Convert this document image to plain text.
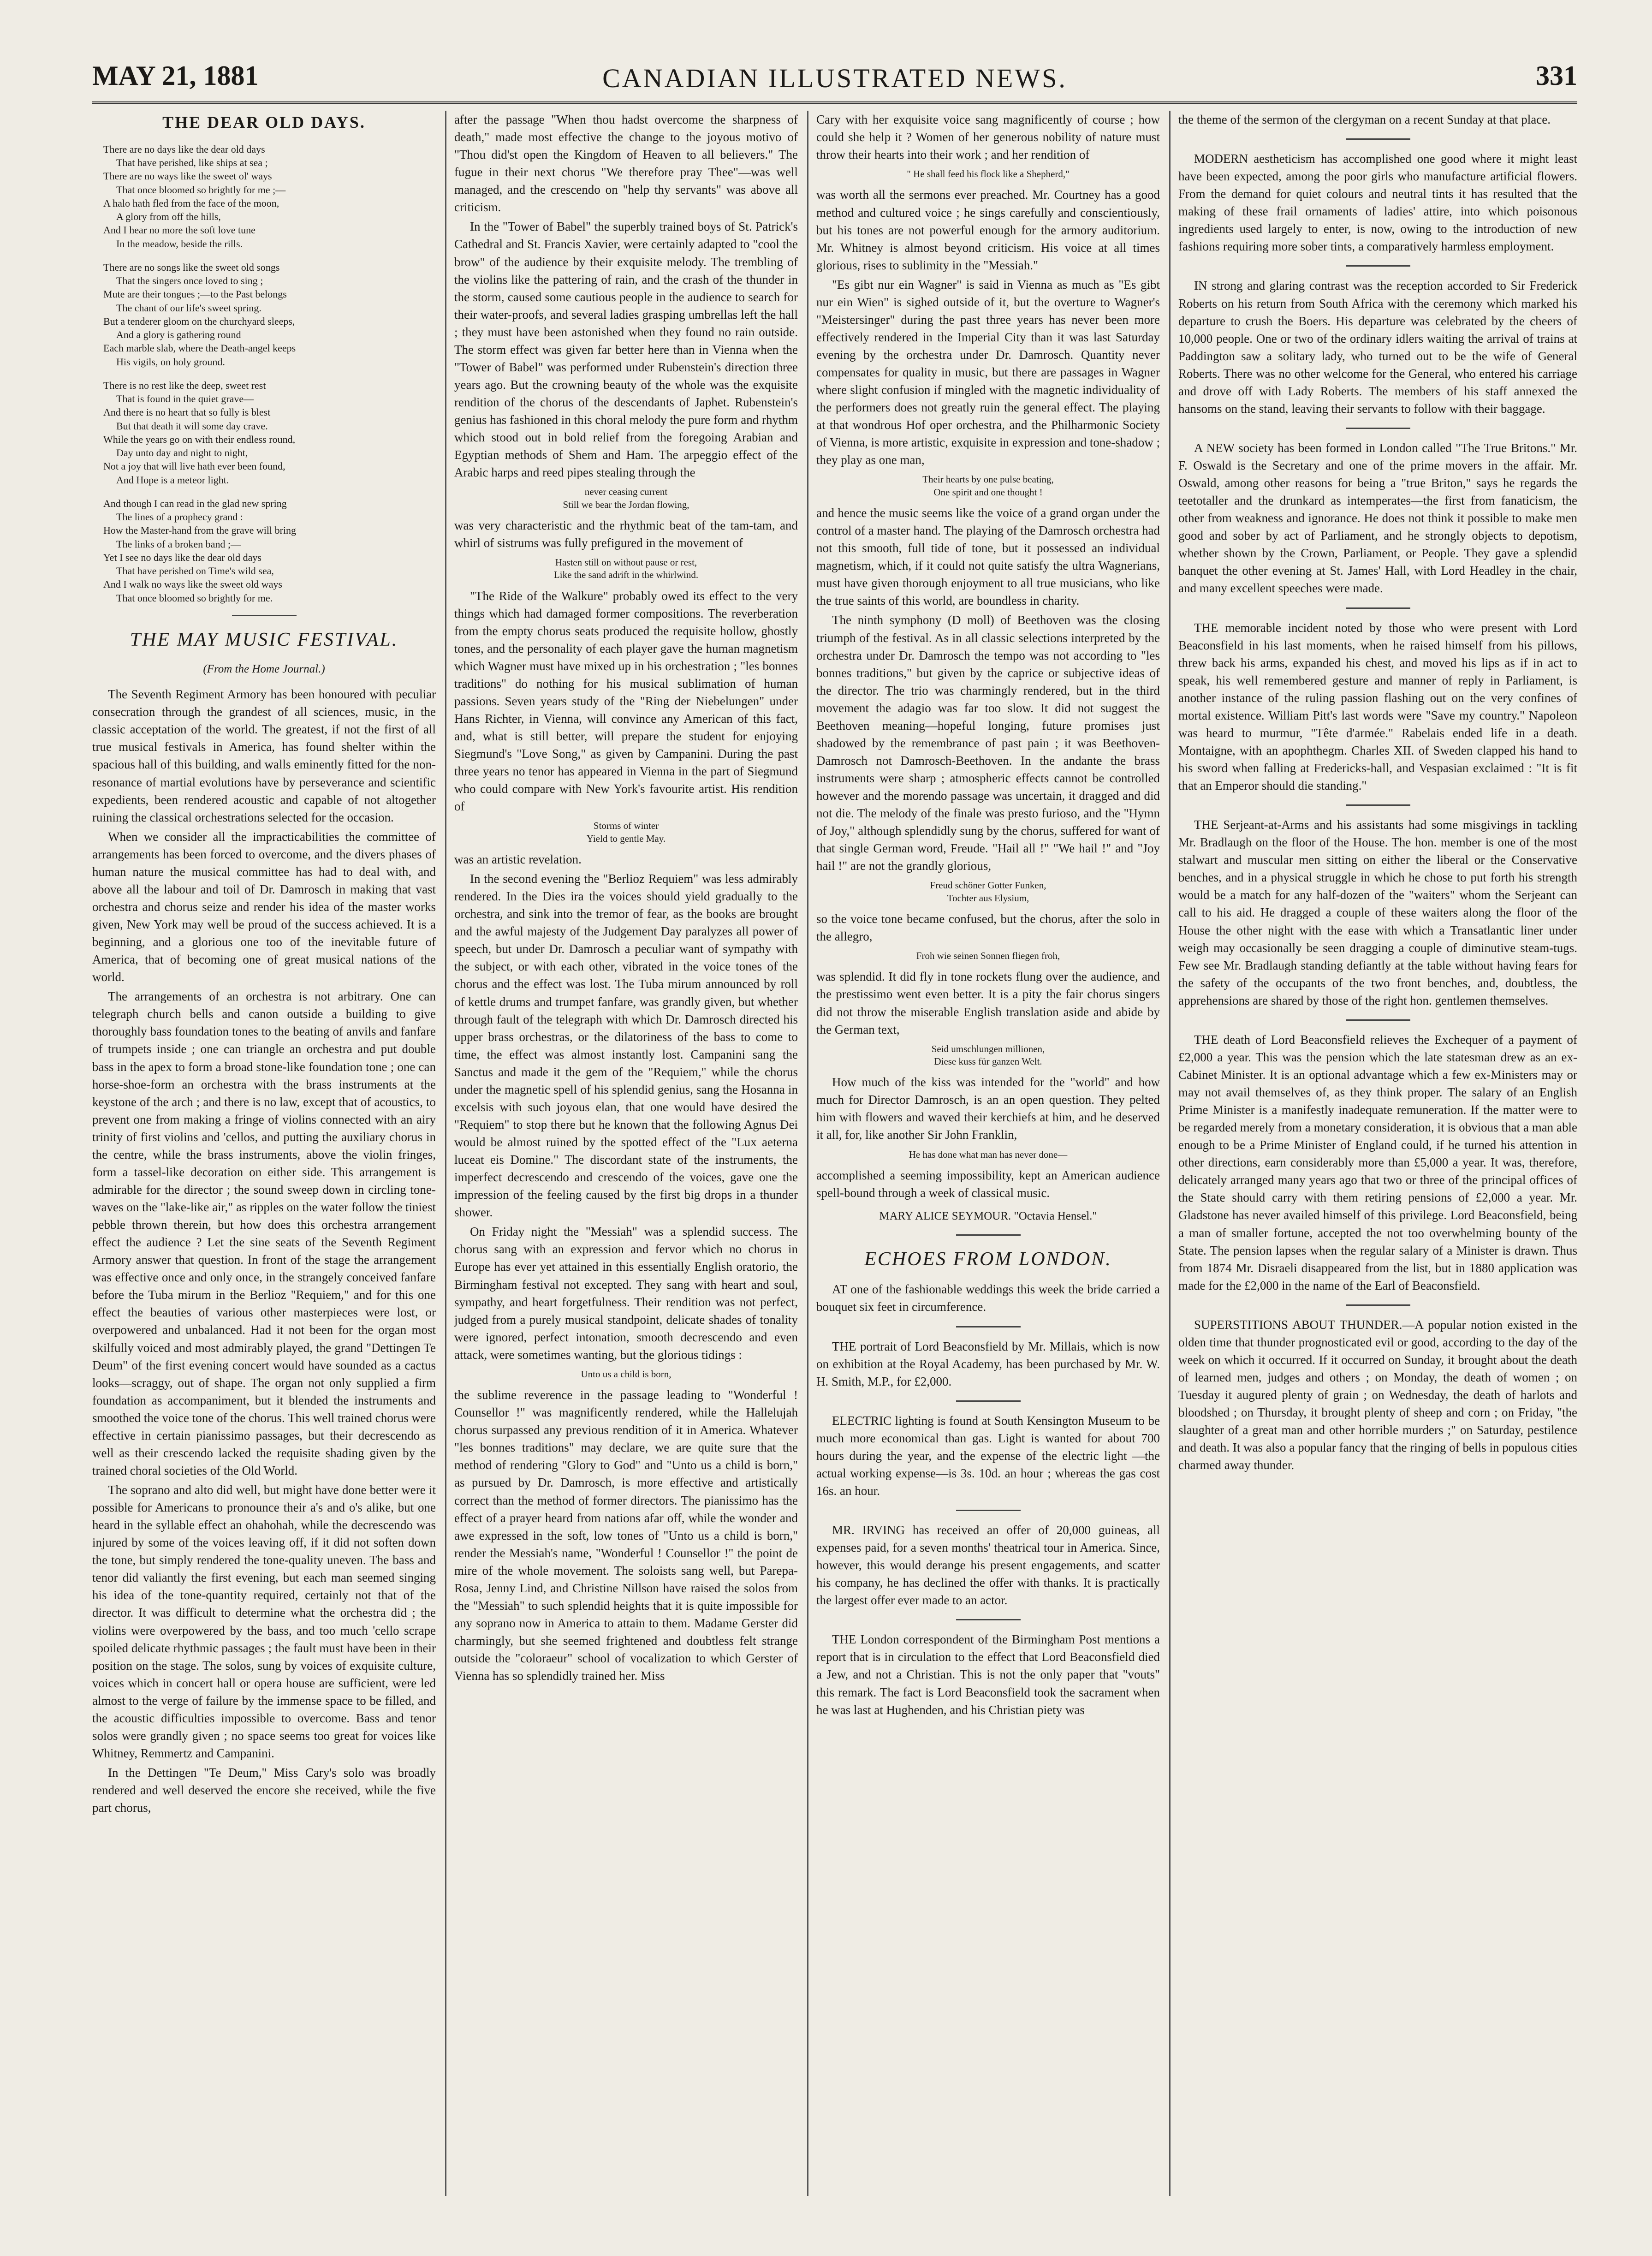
MAY 21, 1881	CANADIAN ILLUSTRATED NEWS.	331
THE DEAR OLD DAYS.
There are no days like the dear old days
That have perished, like ships at sea ;
There are no ways like the sweet ol' ways
That once bloomed so brightly for me ;—
A halo hath fled from the face of the moon,
A glory from off the hills,
And I hear no more the soft love tune
In the meadow, beside the rills.
There are no songs like the sweet old songs
That the singers once loved to sing ;
Mute are their tongues ;—to the Past belongs
The chant of our life's sweet spring.
But a tenderer gloom on the churchyard sleeps,
And a glory is gathering round
Each marble slab, where the Death-angel keeps
His vigils, on holy ground.
There is no rest like the deep, sweet rest
That is found in the quiet grave—
And there is no heart that so fully is blest
But that death it will some day crave.
While the years go on with their endless round,
Day unto day and night to night,
Not a joy that will live hath ever been found,
And Hope is a meteor light.
And though I can read in the glad new spring
The lines of a prophecy grand :
How the Master-hand from the grave will bring
The links of a broken band ;—
Yet I see no days like the dear old days
That have perished on Time's wild sea,
And I walk no ways like the sweet old ways
That once bloomed so brightly for me.
THE MAY MUSIC FESTIVAL.
(From the Home Journal.)

The Seventh Regiment Armory has been honoured with peculiar consecration through the grandest of all sciences, music, in the classic acceptation of the world. The greatest, if not the first of all true musical festivals in America, has found shelter within the spacious hall of this building, and walls eminently fitted for the non-resonance of martial evolutions have by perseverance and scientific expedients, been rendered acoustic and capable of not altogether ruining the classical orchestrations selected for the occasion.

When we consider all the impracticabilities the committee of arrangements has been forced to overcome, and the divers phases of human nature the musical committee has had to deal with, and above all the labour and toil of Dr. Damrosch in making that vast orchestra and chorus seize and render his idea of the master works given, New York may well be proud of the success achieved. It is a beginning, and a glorious one too of the inevitable future of America, that of becoming one of great musical nations of the world.

The arrangements of an orchestra is not arbitrary. One can telegraph church bells and canon outside a building to give thoroughly bass foundation tones to the beating of anvils and fanfare of trumpets inside ; one can triangle an orchestra and put double bass in the apex to form a broad stone-like foundation tone ; one can horse-shoe-form an orchestra with the brass instruments at the keystone of the arch ; and there is no law, except that of acoustics, to prevent one from making a fringe of violins connected with an airy trinity of first violins and 'cellos, and putting the auxiliary chorus in the centre, while the brass instruments, above the violin fringes, form a tassel-like decoration on either side. This arrangement is admirable for the director ; the sound sweep down in circling tone-waves on the "lake-like air," as ripples on the water follow the tiniest pebble thrown therein, but how does this orchestra arrangement effect the audience ? Let the sine seats of the Seventh Regiment Armory answer that question. In front of the stage the arrangement was effective once and only once, in the strangely conceived fanfare before the Tuba mirum in the Berlioz "Requiem," and for this one effect the beauties of various other masterpieces were lost, or overpowered and unbalanced. Had it not been for the organ most skilfully voiced and most admirably played, the grand "Dettingen Te Deum" of the first evening concert would have sounded as a cactus looks—scraggy, out of shape. The organ not only supplied a firm foundation as accompaniment, but it blended the instruments and smoothed the voice tone of the chorus. This well trained chorus were effective in certain pianissimo passages, but their decrescendo as well as their crescendo lacked the requisite shading given by the trained choral societies of the Old World.

The soprano and alto did well, but might have done better were it possible for Americans to pronounce their a's and o's alike, but one heard in the syllable effect an ohahohah, while the decrescendo was injured by some of the voices leaving off, if it did not soften down the tone, but simply rendered the tone-quality uneven. The bass and tenor did valiantly the first evening, but each man seemed singing his idea of the tone-quantity required, certainly not that of the director. It was difficult to determine what the orchestra did ; the violins were overpowered by the bass, and too much 'cello scrape spoiled delicate rhythmic passages ; the fault must have been in their position on the stage. The solos, sung by voices of exquisite culture, voices which in concert hall or opera house are sufficient, were led almost to the verge of failure by the immense space to be filled, and the acoustic difficulties impossible to overcome. Bass and tenor solos were grandly given ; no space seems too great for voices like Whitney, Remmertz and Campanini.

In the Dettingen "Te Deum," Miss Cary's solo was broadly rendered and well deserved the encore she received, while the five part chorus,

after the passage "When thou hadst overcome the sharpness of death," made most effective the change to the joyous motivo of "Thou did'st open the Kingdom of Heaven to all believers." The fugue in their next chorus "We therefore pray Thee"—was well managed, and the crescendo on "help thy servants" was above all criticism.

In the "Tower of Babel" the superbly trained boys of St. Patrick's Cathedral and St. Francis Xavier, were certainly adapted to "cool the brow" of the audience by their exquisite melody. The trembling of the violins like the pattering of rain, and the crash of the thunder in the storm, caused some cautious people in the audience to search for their water-proofs, and several ladies grasping umbrellas left the hall ; they must have been astonished when they found no rain outside. The storm effect was given far better here than in Vienna when the "Tower of Babel" was performed under Rubenstein's direction three years ago. But the crowning beauty of the whole was the exquisite rendition of the chorus of the descendants of Japhet. Rubenstein's genius has fashioned in this choral melody the pure form and rhythm which stood out in bold relief from the foregoing Arabian and Egyptian methods of Shem and Ham. The arpeggio effect of the Arabic harps and reed pipes stealing through the

never ceasing current
Still we bear the Jordan flowing,

was very characteristic and the rhythmic beat of the tam-tam, and whirl of sistrums was fully prefigured in the movement of

Hasten still on without pause or rest,
Like the sand adrift in the whirlwind.

"The Ride of the Walkure" probably owed its effect to the very things which had damaged former compositions. The reverberation from the empty chorus seats produced the requisite hollow, ghostly tones, and the personality of each player gave the human magnetism which Wagner must have mixed up in his orchestration ; "les bonnes traditions" do nothing for his musical sublimation of human passions. Seven years study of the "Ring der Niebelungen" under Hans Richter, in Vienna, will convince any American of this fact, and, what is still better, will prepare the student for enjoying Siegmund's "Love Song," as given by Campanini. During the past three years no tenor has appeared in Vienna in the part of Siegmund who could compare with New York's favourite artist. His rendition of

Storms of winter
Yield to gentle May.

was an artistic revelation.

In the second evening the "Berlioz Requiem" was less admirably rendered. In the Dies ira the voices should yield gradually to the orchestra, and sink into the tremor of fear, as the books are brought and the awful majesty of the Judgement Day paralyzes all power of speech, but under Dr. Damrosch a peculiar want of sympathy with the subject, or with each other, vibrated in the voice tones of the chorus and the effect was lost. The Tuba mirum announced by roll of kettle drums and trumpet fanfare, was grandly given, but whether through fault of the telegraph with which Dr. Damrosch directed his upper brass orchestras, or the dilatoriness of the bass to come to time, the effect was almost instantly lost. Campanini sang the Sanctus and made it the gem of the "Requiem," while the chorus under the magnetic spell of his splendid genius, sang the Hosanna in excelsis with such joyous elan, that one would have desired the "Requiem" to stop there but he known that the following Agnus Dei would be almost ruined by the spotted effect of the "Lux aeterna luceat eis Domine." The discordant state of the instruments, the imperfect decrescendo and crescendo of the voices, gave one the impression of the feeling caused by the first big drops in a thunder shower.

On Friday night the "Messiah" was a splendid success. The chorus sang with an expression and fervor which no chorus in Europe has ever yet attained in this essentially English oratorio, the Birmingham festival not excepted. They sang with heart and soul, sympathy, and heart forgetfulness. Their rendition was not perfect, judged from a purely musical standpoint, delicate shades of tonality were ignored, perfect intonation, smooth decrescendo and even attack, were sometimes wanting, but the glorious tidings :

Unto us a child is born,

the sublime reverence in the passage leading to "Wonderful ! Counsellor !" was magnificently rendered, while the Hallelujah chorus surpassed any previous rendition of it in America. Whatever "les bonnes traditions" may declare, we are quite sure that the method of rendering "Glory to God" and "Unto us a child is born," as pursued by Dr. Damrosch, is more effective and artistically correct than the method of former directors. The pianissimo has the effect of a prayer heard from nations afar off, while the wonder and awe expressed in the soft, low tones of "Unto us a child is born," render the Messiah's name, "Wonderful ! Counsellor !" the point de mire of the whole movement. The soloists sang well, but Parepa-Rosa, Jenny Lind, and Christine Nillson have raised the solos from the "Messiah" to such splendid heights that it is quite impossible for any soprano now in America to attain to them. Madame Gerster did charmingly, but she seemed frightened and doubtless felt strange outside the "coloraeur" school of vocalization to which Gerster of Vienna has so splendidly trained her. Miss

Cary with her exquisite voice sang magnificently of course ; how could she help it ? Women of her generous nobility of nature must throw their hearts into their work ; and her rendition of

" He shall feed his flock like a Shepherd,"

was worth all the sermons ever preached. Mr. Courtney has a good method and cultured voice ; he sings carefully and conscientiously, but his tones are not powerful enough for the armory auditorium. Mr. Whitney is almost beyond criticism. His voice at all times glorious, rises to sublimity in the "Messiah."

"Es gibt nur ein Wagner" is said in Vienna as much as "Es gibt nur ein Wien" is sighed outside of it, but the overture to Wagner's "Meistersinger" during the past three years has never been more effectively rendered in the Imperial City than it was last Saturday evening by the orchestra under Dr. Damrosch. Quantity never compensates for quality in music, but there are passages in Wagner where slight confusion if mingled with the magnetic individuality of the performers does not greatly ruin the general effect. The playing at that wondrous Hof oper orchestra, and the Philharmonic Society of Vienna, is more artistic, exquisite in expression and tone-shadow ; they play as one man,

Their hearts by one pulse beating,
One spirit and one thought !

and hence the music seems like the voice of a grand organ under the control of a master hand. The playing of the Damrosch orchestra had not this smooth, full tide of tone, but it possessed an individual magnetism, which, if it could not quite satisfy the ultra Wagnerians, must have given thorough enjoyment to all true musicians, who like the true saints of this world, are boundless in charity.

The ninth symphony (D moll) of Beethoven was the closing triumph of the festival. As in all classic selections interpreted by the orchestra under Dr. Damrosch the tempo was not according to "les bonnes traditions," but given by the caprice or subjective ideas of the director. The trio was charmingly rendered, but in the third movement the adagio was far too slow. It did not suggest the Beethoven meaning—hopeful longing, future promises just shadowed by the remembrance of past pain ; it was Beethoven-Damrosch not Damrosch-Beethoven. In the andante the brass instruments were sharp ; atmospheric effects cannot be controlled however and the morendo passage was uncertain, it dragged and did not die. The melody of the finale was presto furioso, and the "Hymn of Joy," although splendidly sung by the chorus, suffered for want of that single German word, Freude. "Hail all !" "We hail !" and "Joy hail !" are not the grandly glorious,

Freud schöner Gotter Funken,
Tochter aus Elysium,

so the voice tone became confused, but the chorus, after the solo in the allegro,

Froh wie seinen Sonnen fliegen froh,

was splendid. It did fly in tone rockets flung over the audience, and the prestissimo went even better. It is a pity the fair chorus singers did not throw the miserable English translation aside and abide by the German text,

Seid umschlungen millionen,
Diese kuss für ganzen Welt.

How much of the kiss was intended for the "world" and how much for Director Damrosch, is an an open question. They pelted him with flowers and waved their kerchiefs at him, and he deserved it all, for, like another Sir John Franklin,

He has done what man has never done—

accomplished a seeming impossibility, kept an American audience spell-bound through a week of classical music.

MARY ALICE SEYMOUR. "Octavia Hensel."
ECHOES FROM LONDON.

AT one of the fashionable weddings this week the bride carried a bouquet six feet in circumference.

THE portrait of Lord Beaconsfield by Mr. Millais, which is now on exhibition at the Royal Academy, has been purchased by Mr. W. H. Smith, M.P., for £2,000.

ELECTRIC lighting is found at South Kensington Museum to be much more economical than gas. Light is wanted for about 700 hours during the year, and the expense of the electric light —the actual working expense—is 3s. 10d. an hour ; whereas the gas cost 16s. an hour.

MR. IRVING has received an offer of 20,000 guineas, all expenses paid, for a seven months' theatrical tour in America. Since, however, this would derange his present engagements, and scatter his company, he has declined the offer with thanks. It is practically the largest offer ever made to an actor.

THE London correspondent of the Birmingham Post mentions a report that is in circulation to the effect that Lord Beaconsfield died a Jew, and not a Christian. This is not the only paper that "vouts" this remark. The fact is Lord Beaconsfield took the sacrament when he was last at Hughenden, and his Christian piety was

the theme of the sermon of the clergyman on a recent Sunday at that place.

MODERN aestheticism has accomplished one good where it might least have been expected, among the poor girls who manufacture artificial flowers. From the demand for quiet colours and neutral tints it has resulted that the making of these frail ornaments of ladies' attire, into which poisonous ingredients used largely to enter, is now, owing to the introduction of new fashions requiring more sober tints, a comparatively harmless employment.

IN strong and glaring contrast was the reception accorded to Sir Frederick Roberts on his return from South Africa with the ceremony which marked his departure to crush the Boers. His departure was celebrated by the cheers of 10,000 people. One or two of the ordinary idlers waiting the arrival of trains at Paddington saw a solitary lady, who turned out to be the wife of General Roberts. There was no other welcome for the General, who entered his carriage and drove off with Lady Roberts. The members of his staff annexed the hansoms on the stand, leaving their servants to follow with their baggage.

A NEW society has been formed in London called "The True Britons." Mr. F. Oswald is the Secretary and one of the prime movers in the affair. Mr. Oswald, among other reasons for being a "true Briton," says he regards the teetotaller and the drunkard as intemperates—the first from fanaticism, the other from weakness and ignorance. He does not think it possible to make men good and sober by act of Parliament, and he strongly objects to depotism, whether shown by the Crown, Parliament, or People. They gave a splendid banquet the other evening at St. James' Hall, with Lord Headley in the chair, and many excellent speeches were made.

THE memorable incident noted by those who were present with Lord Beaconsfield in his last moments, when he raised himself from his pillows, threw back his arms, expanded his chest, and moved his lips as if in act to speak, his well remembered gesture and manner of reply in Parliament, is another instance of the ruling passion flashing out on the very confines of mortal existence. William Pitt's last words were "Save my country." Napoleon was heard to murmur, "Tête d'armée." Rabelais ended life in a death. Montaigne, with an apophthegm. Charles XII. of Sweden clapped his hand to his sword when falling at Fredericks-hall, and Vespasian exclaimed : "It is fit that an Emperor should die standing."

THE Serjeant-at-Arms and his assistants had some misgivings in tackling Mr. Bradlaugh on the floor of the House. The hon. member is one of the most stalwart and muscular men sitting on either the liberal or the Conservative benches, and in a physical struggle in which he chose to put forth his strength would be a match for any half-dozen of the "waiters" whom the Serjeant can call to his aid. He dragged a couple of these waiters along the floor of the House the other night with the ease with which a Transatlantic liner under weigh may occasionally be seen dragging a couple of diminutive steam-tugs. Few see Mr. Bradlaugh standing defiantly at the table without having fears for the safety of the occupants of the two front benches, and, doubtless, the apprehensions are shared by those of the right hon. gentlemen themselves.

THE death of Lord Beaconsfield relieves the Exchequer of a payment of £2,000 a year. This was the pension which the late statesman drew as an ex-Cabinet Minister. It is an optional advantage which a few ex-Ministers may or may not avail themselves of, as they think proper. The salary of an English Prime Minister is a manifestly inadequate remuneration. If the matter were to be regarded merely from a monetary consideration, it is obvious that a man able enough to be a Prime Minister of England could, if he turned his attention in other directions, earn considerably more than £5,000 a year. It was, therefore, delicately arranged many years ago that two or three of the principal offices of the State should carry with them retiring pensions of £2,000 a year. Mr. Gladstone has never availed himself of this privilege. Lord Beaconsfield, being a man of smaller fortune, accepted the not too overwhelming bounty of the State. The pension lapses when the regular salary of a Minister is drawn. Thus from 1874 Mr. Disraeli disappeared from the list, but in 1880 application was made for the £2,000 in the name of the Earl of Beaconsfield.

SUPERSTITIONS ABOUT THUNDER.—A popular notion existed in the olden time that thunder prognosticated evil or good, according to the day of the week on which it occurred. If it occurred on Sunday, it brought about the death of learned men, judges and others ; on Monday, the death of women ; on Tuesday it augured plenty of grain ; on Wednesday, the death of harlots and bloodshed ; on Thursday, it brought plenty of sheep and corn ; on Friday, "the slaughter of a great man and other horrible murders ;" on Saturday, pestilence and death. It was also a popular fancy that the ringing of bells in populous cities charmed away thunder.
